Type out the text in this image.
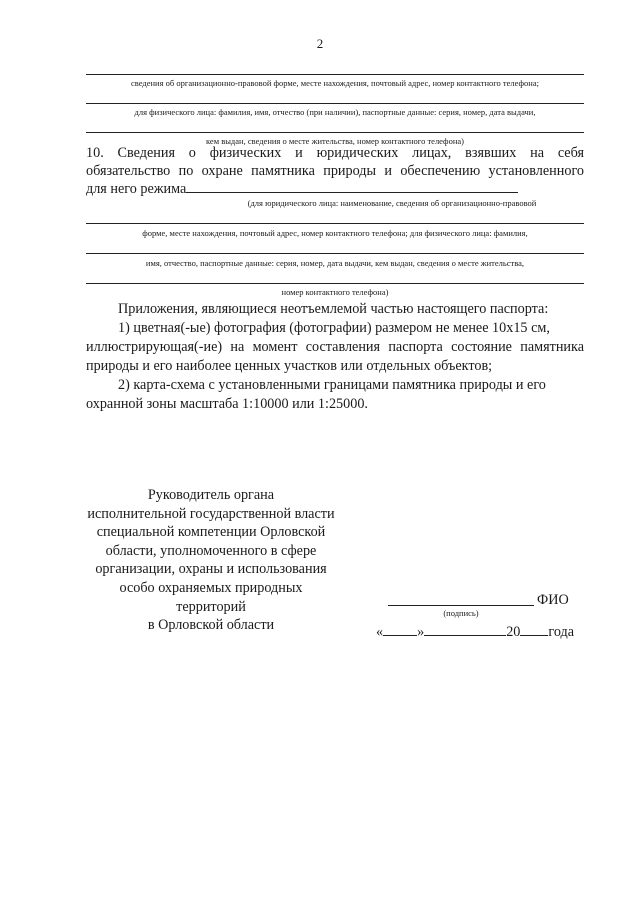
2
сведения об организационно-правовой форме, месте нахождения, почтовый адрес, номер контактного телефона;
для физического лица: фамилия, имя, отчество (при наличии), паспортные данные: серия, номер, дата выдачи,
кем выдан, сведения о месте жительства, номер контактного телефона)
10. Сведения о физических и юридических лицах, взявших на себя
обязательство по охране памятника природы и обеспечению установленного
для него режима
(для юридического лица: наименование, сведения об организационно-правовой
форме, месте нахождения, почтовый адрес, номер контактного телефона; для физического лица: фамилия,
имя, отчество, паспортные данные: серия, номер, дата выдачи, кем выдан, сведения о месте жительства,
номер контактного телефона)

Приложения, являющиеся неотъемлемой частью настоящего паспорта:

1) цветная(-ые) фотография (фотографии) размером не менее 10х15 см,

иллюстрирующая(-ие) на момент составления паспорта состояние памятника

природы и его наиболее ценных участков или отдельных объектов;

2) карта-схема с установленными границами памятника природы и его

охранной зоны масштаба 1:10000 или 1:25000.

Руководитель органа
исполнительной государственной власти
специальной компетенции Орловской
области, уполномоченного в сфере
организации, охраны и использования
особо охраняемых природных территорий
в Орловской области
ФИО
(подпись)
« »	20 года
